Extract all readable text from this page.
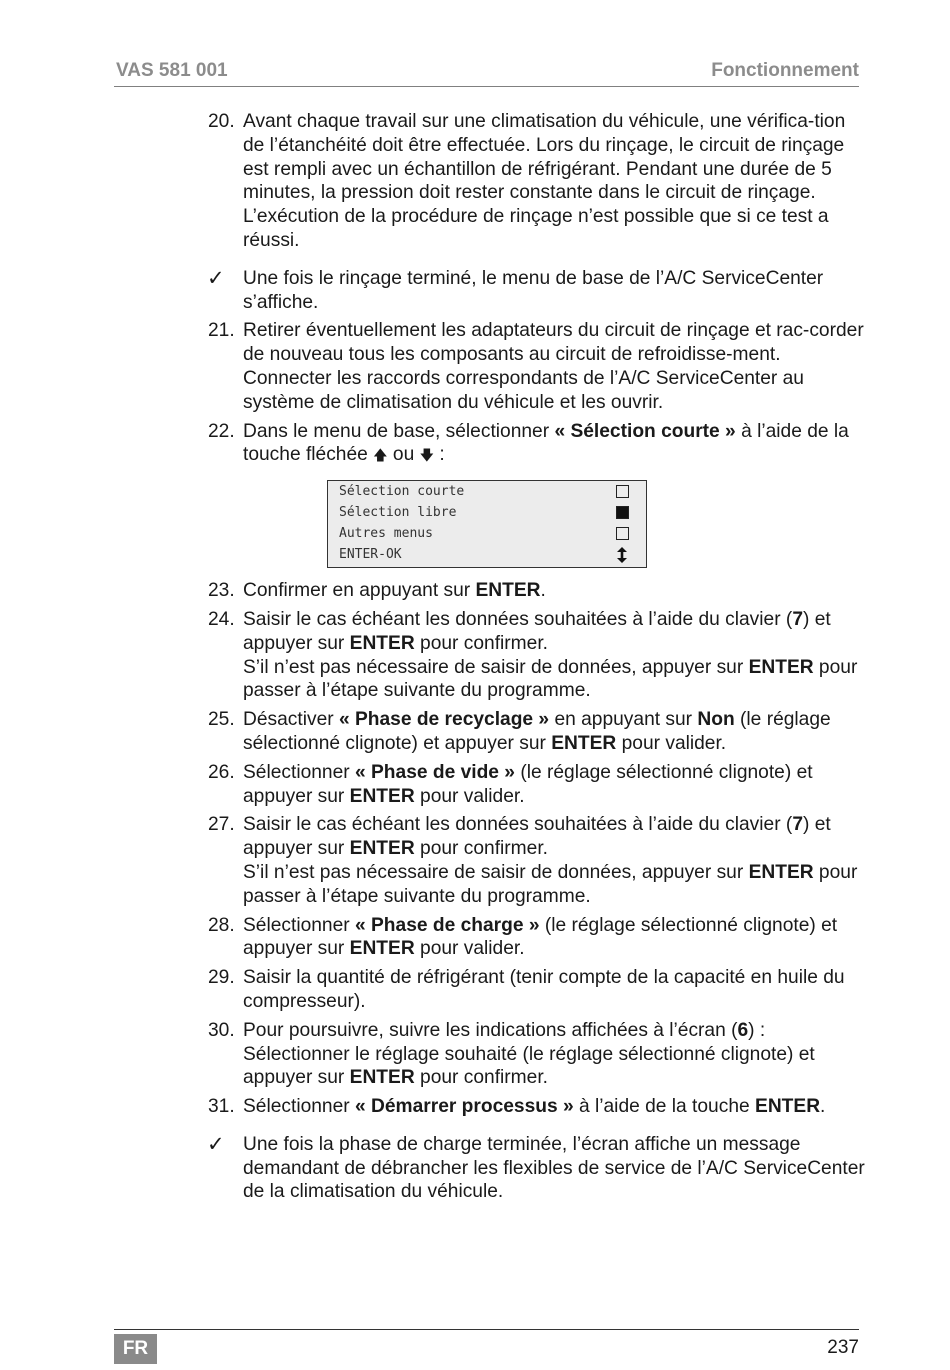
VAS 581 001	Fonctionnement
20. Avant chaque travail sur une climatisation du véhicule, une vérifica-tion de l’étanchéité doit être effectuée. Lors du rinçage, le circuit de rinçage est rempli avec un échantillon de réfrigérant. Pendant une durée de 5 minutes, la pression doit rester constante dans le circuit de rinçage. L’exécution de la procédure de rinçage n’est possible que si ce test a réussi.

✓ Une fois le rinçage terminé, le menu de base de l’A/C ServiceCenter s’affiche.

21. Retirer éventuellement les adaptateurs du circuit de rinçage et rac-corder de nouveau tous les composants au circuit de refroidisse-ment.

Connecter les raccords correspondants de l’A/C ServiceCenter au système de climatisation du véhicule et les ouvrir.

22. Dans le menu de base, sélectionner « Sélection courte » à l’aide de la touche fléchée 🡅 ou 🡇 :

Sélection courte
Sélection libre
Autres menus
ENTER-OK
23. Confirmer en appuyant sur ENTER.

24. Saisir le cas échéant les données souhaitées à l’aide du clavier (7) et appuyer sur ENTER pour confirmer.

S’il n’est pas nécessaire de saisir de données, appuyer sur ENTER pour passer à l’étape suivante du programme.

25. Désactiver « Phase de recyclage » en appuyant sur Non (le réglage sélectionné clignote) et appuyer sur ENTER pour valider.

26. Sélectionner « Phase de vide » (le réglage sélectionné clignote) et appuyer sur ENTER pour valider.

27. Saisir le cas échéant les données souhaitées à l’aide du clavier (7) et appuyer sur ENTER pour confirmer.

S’il n’est pas nécessaire de saisir de données, appuyer sur ENTER pour passer à l’étape suivante du programme.

28. Sélectionner « Phase de charge » (le réglage sélectionné clignote) et appuyer sur ENTER pour valider.

29. Saisir la quantité de réfrigérant (tenir compte de la capacité en huile du compresseur).

30. Pour poursuivre, suivre les indications affichées à l’écran (6) :

Sélectionner le réglage souhaité (le réglage sélectionné clignote) et appuyer sur ENTER pour confirmer.

31. Sélectionner « Démarrer processus » à l’aide de la touche ENTER.

✓ Une fois la phase de charge terminée, l’écran affiche un message demandant de débrancher les flexibles de service de l’A/C ServiceCenter de la climatisation du véhicule.

FR	237
